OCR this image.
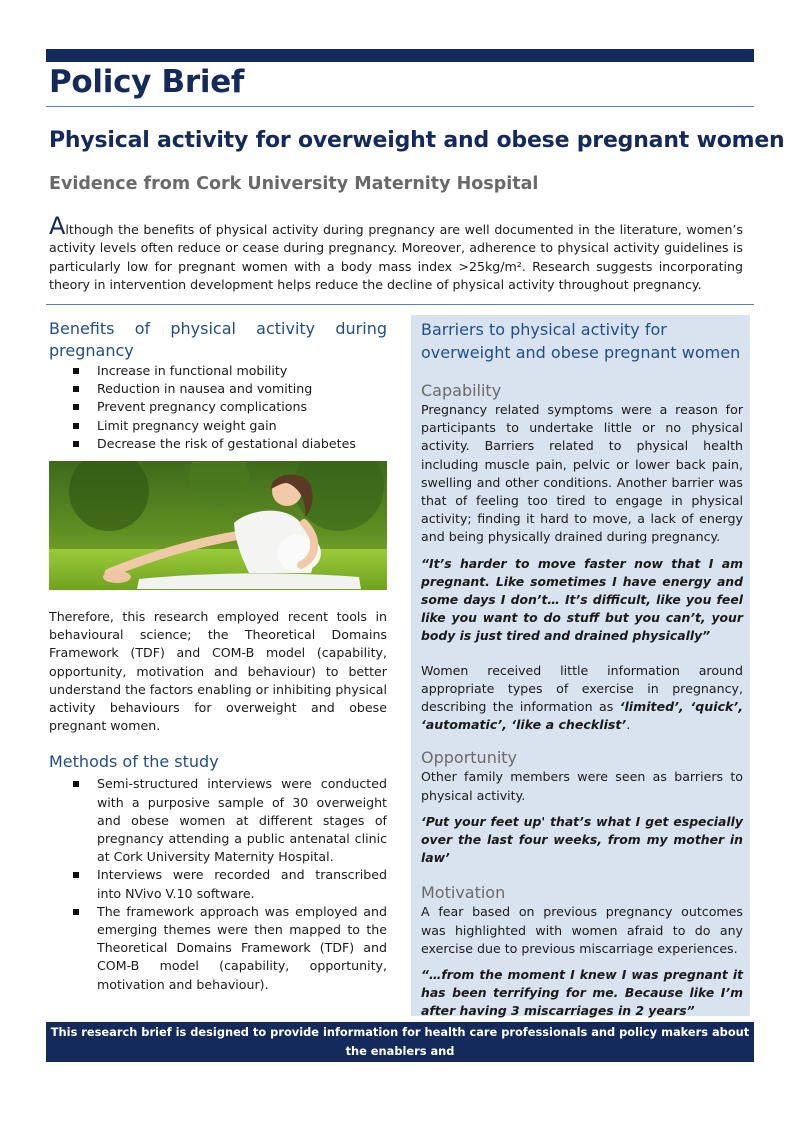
Policy Brief
Physical activity for overweight and obese pregnant women
Evidence from Cork University Maternity Hospital

Although the benefits of physical activity during pregnancy are well documented in the literature, women’s activity levels often reduce or cease during pregnancy. Moreover, adherence to physical activity guidelines is particularly low for pregnant women with a body mass index >25kg/m². Research suggests incorporating theory in intervention development helps reduce the decline of physical activity throughout pregnancy.

Benefits of physical activity during
pregnancy
Increase in functional mobility
Reduction in nausea and vomiting
Prevent pregnancy complications
Limit pregnancy weight gain
Decrease the risk of gestational diabetes

Therefore, this research employed recent tools in behavioural science; the Theoretical Domains Framework (TDF) and COM-B model (capability, opportunity, motivation and behaviour) to better understand the factors enabling or inhibiting physical activity behaviours for overweight and obese pregnant women.

Methods of the study
Semi-structured interviews were conducted with a purposive sample of 30 overweight and obese women at different stages of pregnancy attending a public antenatal clinic at Cork University Maternity Hospital.
Interviews were recorded and transcribed into NVivo V.10 software.
The framework approach was employed and emerging themes were then mapped to the Theoretical Domains Framework (TDF) and COM-B model (capability, opportunity, motivation and behaviour).
Barriers to physical activity for overweight and obese pregnant women
Capability

Pregnancy related symptoms were a reason for participants to undertake little or no physical activity. Barriers related to physical health including muscle pain, pelvic or lower back pain, swelling and other conditions. Another barrier was that of feeling too tired to engage in physical activity; finding it hard to move, a lack of energy and being physically drained during pregnancy.

“It’s harder to move faster now that I am pregnant. Like sometimes I have energy and some days I don’t… It’s difficult, like you feel like you want to do stuff but you can’t, your body is just tired and drained physically”

Women received little information around appropriate types of exercise in pregnancy, describing the information as ‘limited’, ‘quick’, ‘automatic’, ‘like a checklist’.

Opportunity

Other family members were seen as barriers to physical activity.

‘Put your feet up' that’s what I get especially over the last four weeks, from my mother in law’

Motivation

A fear based on previous pregnancy outcomes was highlighted with women afraid to do any exercise due to previous miscarriage experiences.

“…from the moment I knew I was pregnant it has been terrifying for me. Because like I’m after having 3 miscarriages in 2 years”

This research brief is designed to provide information for health care professionals and policy makers about the enablers and

barriers to physical activity for overweight and obese pregnant women.
